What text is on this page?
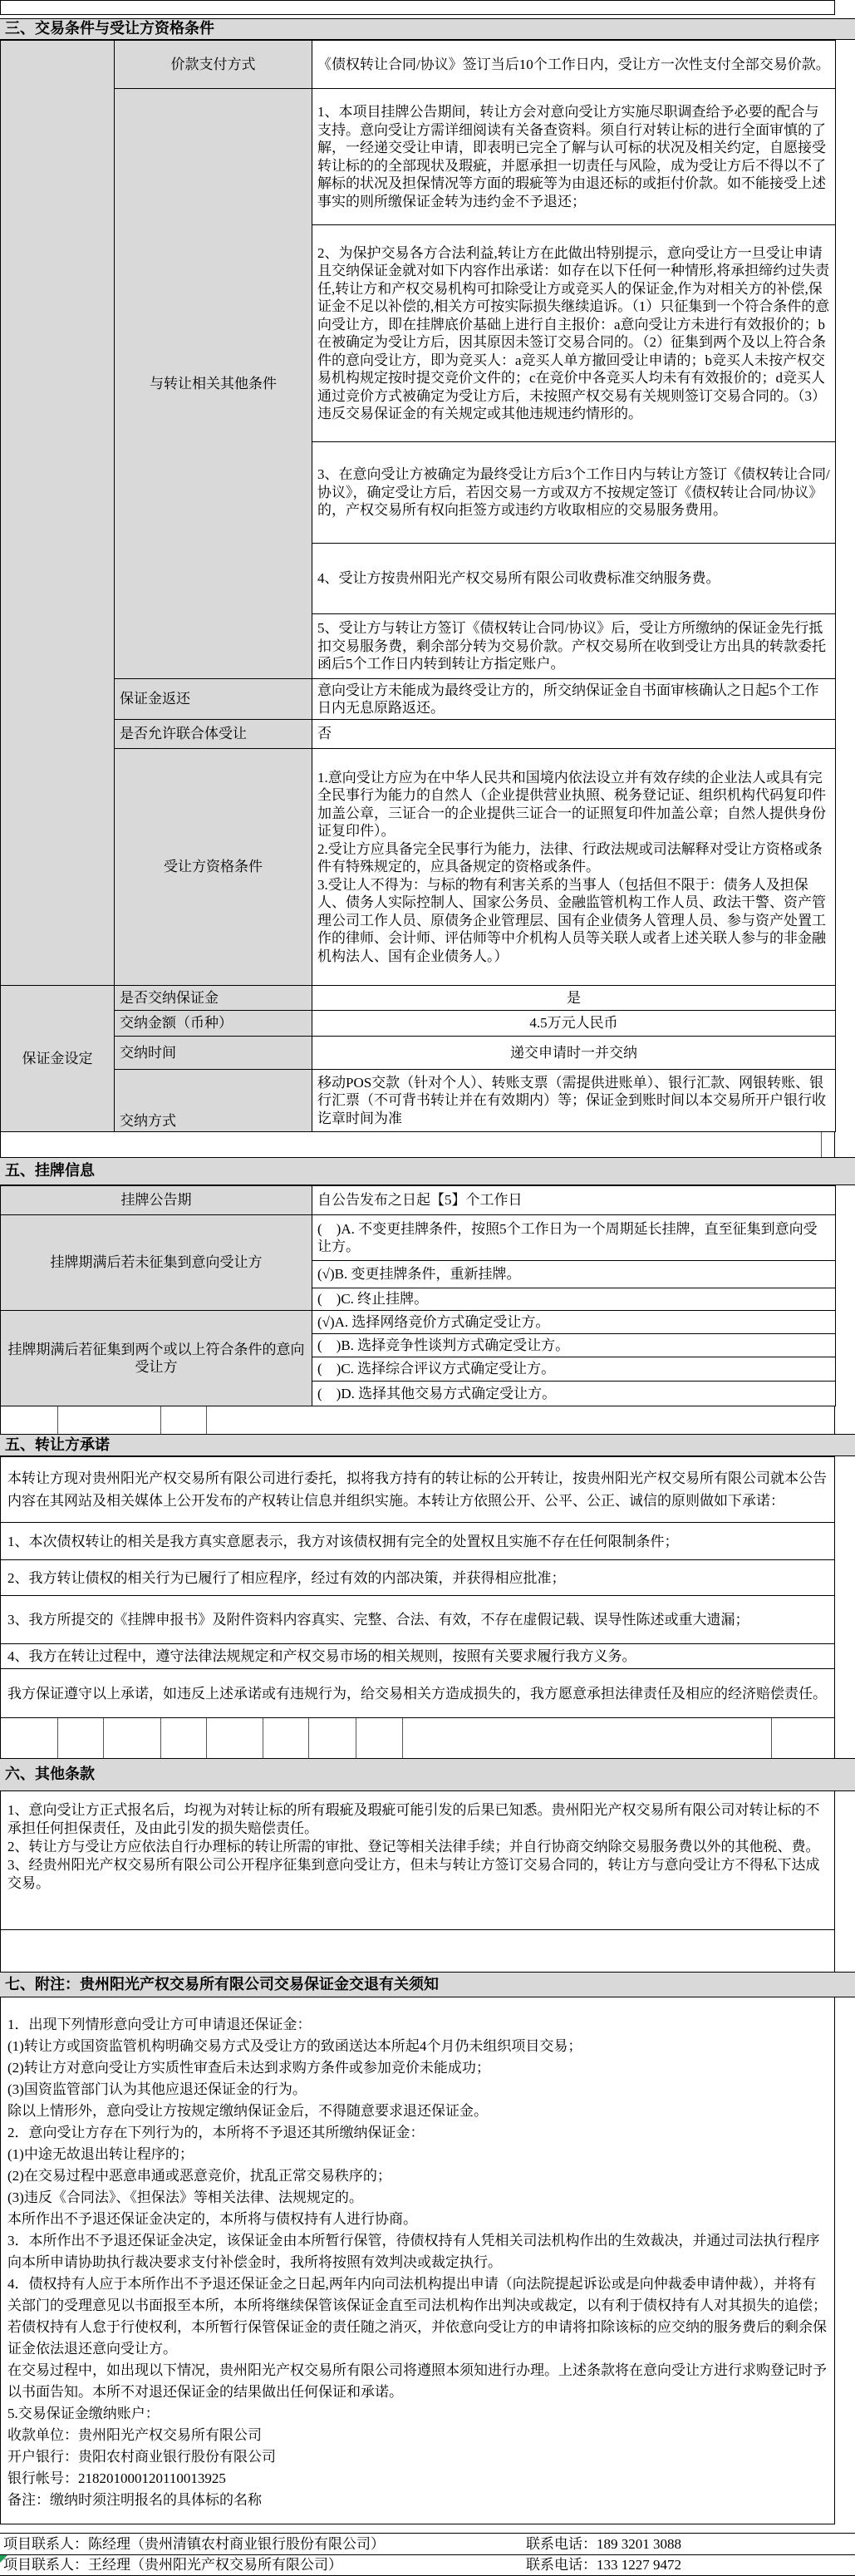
三、交易条件与受让方资格条件
	价款支付方式	《债权转让合同/协议》签订当后10个工作日内，受让方一次性支付全部交易价款。
	与转让相关其他条件	1、本项目挂牌公告期间，转让方会对意向受让方实施尽职调查给予必要的配合与支持。意向受让方需详细阅读有关备查资料。须自行对转让标的进行全面审慎的了解，一经递交受让申请，即表明已完全了解与认可标的状况及相关约定，自愿接受转让标的的全部现状及瑕疵，并愿承担一切责任与风险，成为受让方后不得以不了解标的状况及担保情况等方面的瑕疵等为由退还标的或拒付价款。如不能接受上述事实的则所缴保证金转为违约金不予退还；
		2、为保护交易各方合法利益,转让方在此做出特别提示，意向受让方一旦受让申请且交纳保证金就对如下内容作出承诺：如存在以下任何一种情形,将承担缔约过失责任,转让方和产权交易机构可扣除受让方或竞买人的保证金,作为对相关方的补偿,保证金不足以补偿的,相关方可按实际损失继续追诉。（1）只征集到一个符合条件的意向受让方，即在挂牌底价基础上进行自主报价：a意向受让方未进行有效报价的；b在被确定为受让方后，因其原因未签订交易合同的。（2）征集到两个及以上符合条件的意向受让方，即为竞买人：a竞买人单方撤回受让申请的；b竞买人未按产权交易机构规定按时提交竞价文件的；c在竞价中各竞买人均未有有效报价的；d竞买人通过竞价方式被确定为受让方后，未按照产权交易有关规则签订交易合同的。（3）违反交易保证金的有关规定或其他违规违约情形的。
		3、在意向受让方被确定为最终受让方后3个工作日内与转让方签订《债权转让合同/协议》，确定受让方后，若因交易一方或双方不按规定签订《债权转让合同/协议》的，产权交易所有权向拒签方或违约方收取相应的交易服务费用。
		4、受让方按贵州阳光产权交易所有限公司收费标准交纳服务费。
		5、受让方与转让方签订《债权转让合同/协议》后，受让方所缴纳的保证金先行抵扣交易服务费，剩余部分转为交易价款。产权交易所在收到受让方出具的转款委托函后5个工作日内转到转让方指定账户。
	保证金返还	意向受让方未能成为最终受让方的，所交纳保证金自书面审核确认之日起5个工作日内无息原路返还。
	是否允许联合体受让	否
	受让方资格条件	1.意向受让方应为在中华人民共和国境内依法设立并有效存续的企业法人或具有完全民事行为能力的自然人（企业提供营业执照、税务登记证、组织机构代码复印件加盖公章，三证合一的企业提供三证合一的证照复印件加盖公章；自然人提供身份证复印件）。

2.受让方应具备完全民事行为能力，法律、行政法规或司法解释对受让方资格或条件有特殊规定的，应具备规定的资格或条件。

3.受让人不得为：与标的物有利害关系的当事人（包括但不限于：债务人及担保人、债务人实际控制人、国家公务员、金融监管机构工作人员、政法干警、资产管理公司工作人员、原债务企业管理层、国有企业债务人管理人员、参与资产处置工作的律师、会计师、评估师等中介机构人员等关联人或者上述关联人参与的非金融机构法人、国有企业债务人。）

保证金设定	是否交纳保证金	是
	交纳金额（币种）	4.5万元人民币
	交纳时间	递交申请时一并交纳
	交纳方式	移动POS交款（针对个人）、转账支票（需提供进账单）、银行汇款、网银转账、银行汇票（不可背书转让并在有效期内）等；保证金到账时间以本交易所开户银行收讫章时间为准
五、挂牌信息
挂牌公告期	自公告发布之日起【5】个工作日
挂牌期满后若未征集到意向受让方	(　)A. 不变更挂牌条件，按照5个工作日为一个周期延长挂牌，直至征集到意向受让方。
	(√)B. 变更挂牌条件，重新挂牌。
	(　)C. 终止挂牌。
挂牌期满后若征集到两个或以上符合条件的意向受让方	(√)A. 选择网络竞价方式确定受让方。
	(　)B. 选择竞争性谈判方式确定受让方。
	(　)C. 选择综合评议方式确定受让方。
	(　)D. 选择其他交易方式确定受让方。
五、转让方承诺
本转让方现对贵州阳光产权交易所有限公司进行委托，拟将我方持有的转让标的公开转让，按贵州阳光产权交易所有限公司就本公告内容在其网站及相关媒体上公开发布的产权转让信息并组织实施。本转让方依照公开、公平、公正、诚信的原则做如下承诺：
1、本次债权转让的相关是我方真实意愿表示，我方对该债权拥有完全的处置权且实施不存在任何限制条件；
2、我方转让债权的相关行为已履行了相应程序，经过有效的内部决策，并获得相应批准；
3、我方所提交的《挂牌申报书》及附件资料内容真实、完整、合法、有效，不存在虚假记载、误导性陈述或重大遗漏；
4、我方在转让过程中，遵守法律法规规定和产权交易市场的相关规则，按照有关要求履行我方义务。
我方保证遵守以上承诺，如违反上述承诺或有违规行为，给交易相关方造成损失的，我方愿意承担法律责任及相应的经济赔偿责任。
六、其他条款
1、意向受让方正式报名后，均视为对转让标的所有瑕疵及瑕疵可能引发的后果已知悉。贵州阳光产权交易所有限公司对转让标的不承担任何担保责任，及由此引发的损失赔偿责任。
2、转让方与受让方应依法自行办理标的转让所需的审批、登记等相关法律手续；并自行协商交纳除交易服务费以外的其他税、费。
3、经贵州阳光产权交易所有限公司公开程序征集到意向受让方，但未与转让方签订交易合同的，转让方与意向受让方不得私下达成交易。
七、附注：贵州阳光产权交易所有限公司交易保证金交退有关须知
1．出现下列情形意向受让方可申请退还保证金：
(1)转让方或国资监管机构明确交易方式及受让方的致函送达本所起4个月仍未组织项目交易；
(2)转让方对意向受让方实质性审查后未达到求购方条件或参加竞价未能成功；
(3)国资监管部门认为其他应退还保证金的行为。
除以上情形外，意向受让方按规定缴纳保证金后，不得随意要求退还保证金。
2．意向受让方存在下列行为的，本所将不予退还其所缴纳保证金：
(1)中途无故退出转让程序的；
(2)在交易过程中恶意串通或恶意竞价，扰乱正常交易秩序的；
(3)违反《合同法》、《担保法》等相关法律、法规规定的。
本所作出不予退还保证金决定的，本所将与债权持有人进行协商。
3．本所作出不予退还保证金决定，该保证金由本所暂行保管，待债权持有人凭相关司法机构作出的生效裁决，并通过司法执行程序向本所申请协助执行裁决要求支付补偿金时，我所将按照有效判决或裁定执行。
4．债权持有人应于本所作出不予退还保证金之日起,两年内向司法机构提出申请（向法院提起诉讼或是向仲裁委申请仲裁），并将有关部门的受理意见以书面报至本所，本所将继续保管该保证金直至司法机构作出判决或裁定，以有利于债权持有人对其损失的追偿；若债权持有人怠于行使权利，本所暂行保管保证金的责任随之消灭，并依意向受让方的申请将扣除该标的应交纳的服务费后的剩余保证金依法退还意向受让方。
在交易过程中，如出现以下情况，贵州阳光产权交易所有限公司将遵照本须知进行办理。上述条款将在意向受让方进行求购登记时予以书面告知。本所不对退还保证金的结果做出任何保证和承诺。
5.交易保证金缴纳账户：
收款单位：贵州阳光产权交易所有限公司
开户银行：贵阳农村商业银行股份有限公司
银行帐号：218201000120110013925
备注：缴纳时须注明报名的具体标的名称
项目联系人：陈经理（贵州清镇农村商业银行股份有限公司）	联系电话：189 3201 3088
项目联系人：王经理（贵州阳光产权交易所有限公司）	联系电话：133 1227 9472
